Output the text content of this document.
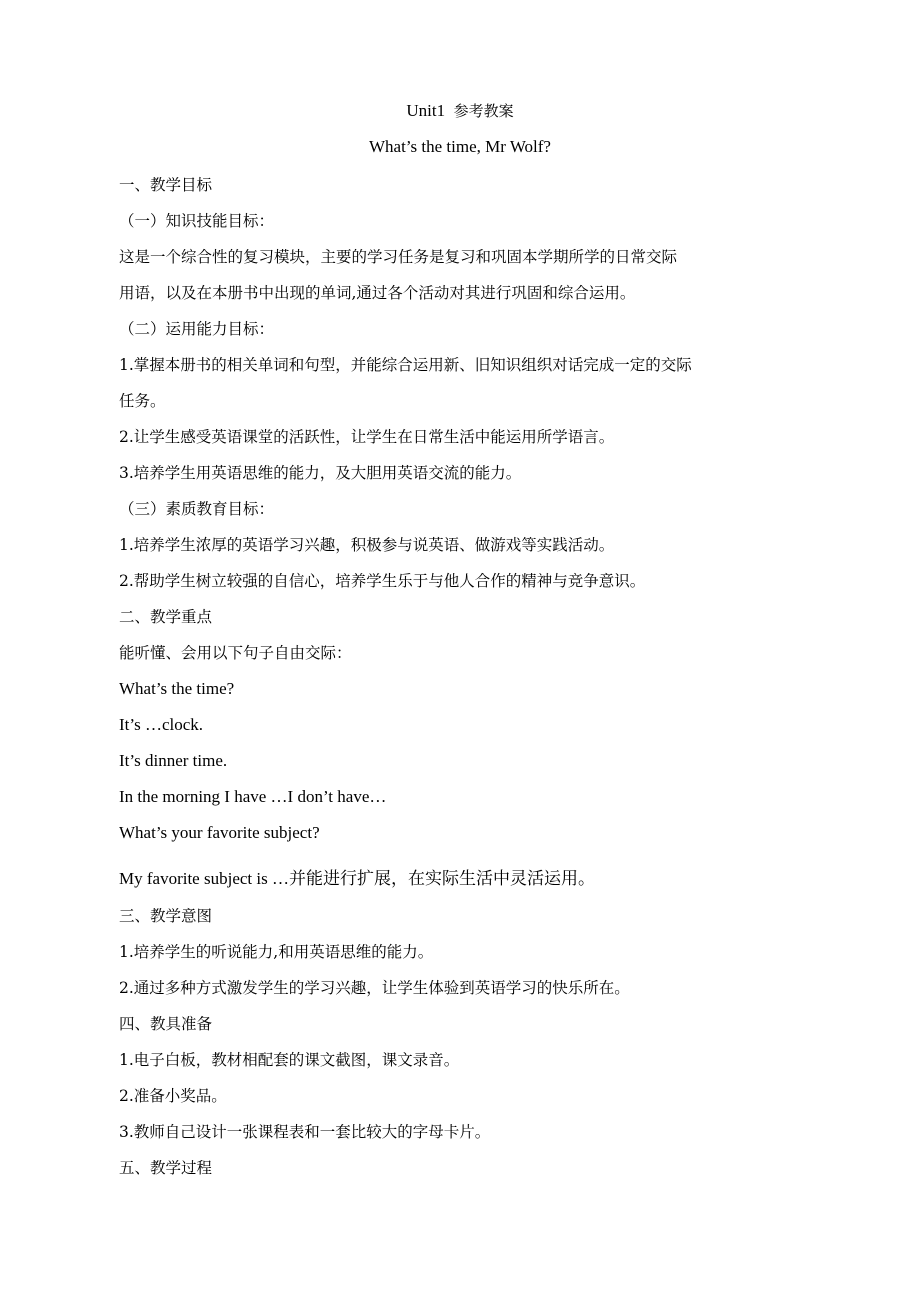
Unit1 参考教案
What’s the time, Mr Wolf?
一、教学目标
（一）知识技能目标：
这是一个综合性的复习模块，主要的学习任务是复习和巩固本学期所学的日常交际
用语，以及在本册书中出现的单词,通过各个活动对其进行巩固和综合运用。
（二）运用能力目标：
1.掌握本册书的相关单词和句型，并能综合运用新、旧知识组织对话完成一定的交际
任务。
2.让学生感受英语课堂的活跃性，让学生在日常生活中能运用所学语言。
3.培养学生用英语思维的能力，及大胆用英语交流的能力。
（三）素质教育目标：
1.培养学生浓厚的英语学习兴趣，积极参与说英语、做游戏等实践活动。
2.帮助学生树立较强的自信心，培养学生乐于与他人合作的精神与竞争意识。
二、教学重点
能听懂、会用以下句子自由交际：
What’s the time?
It’s …clock.
It’s dinner time.
In the morning I have …I don’t have…
What’s your favorite subject?
My favorite subject is …并能进行扩展，在实际生活中灵活运用。
三、教学意图
1.培养学生的听说能力,和用英语思维的能力。
2.通过多种方式激发学生的学习兴趣，让学生体验到英语学习的快乐所在。
四、教具准备
1.电子白板，教材相配套的课文截图，课文录音。
2.准备小奖品。
3.教师自己设计一张课程表和一套比较大的字母卡片。
五、教学过程
